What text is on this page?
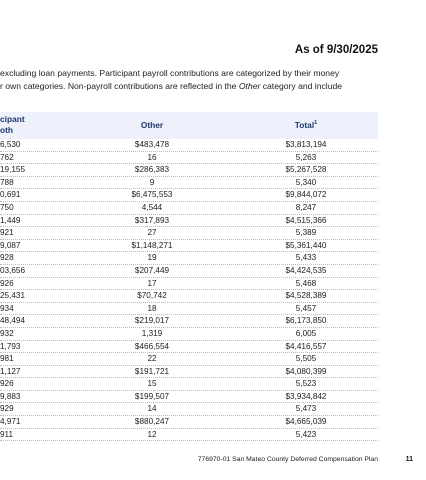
As of 9/30/2025
excluding loan payments. Participant payroll contributions are categorized by their money
r own categories. Non-payroll contributions are reflected in the Other category and include
cipant
oth	Other	Total$^1$
6,530	$483,478	$3,813,194
762	16	5,263
19,155	$286,383	$5,267,528
788	9	5,340
0,691	$6,475,553	$9,844,072
750	4,544	8,247
1,449	$317,893	$4,515,366
921	27	5,389
9,087	$1,148,271	$5,361,440
928	19	5,433
03,656	$207,449	$4,424,535
926	17	5,468
25,431	$70,742	$4,528,389
934	18	5,457
48,494	$219,017	$6,173,850
932	1,319	6,005
1,793	$466,554	$4,416,557
981	22	5,505
1,127	$191,721	$4,080,399
926	15	5,523
9,883	$199,507	$3,934,842
929	14	5,473
4,971	$880,247	$4,665,039
911	12	5,423
776970-01 San Mateo County Deferred Compensation Plan	11
